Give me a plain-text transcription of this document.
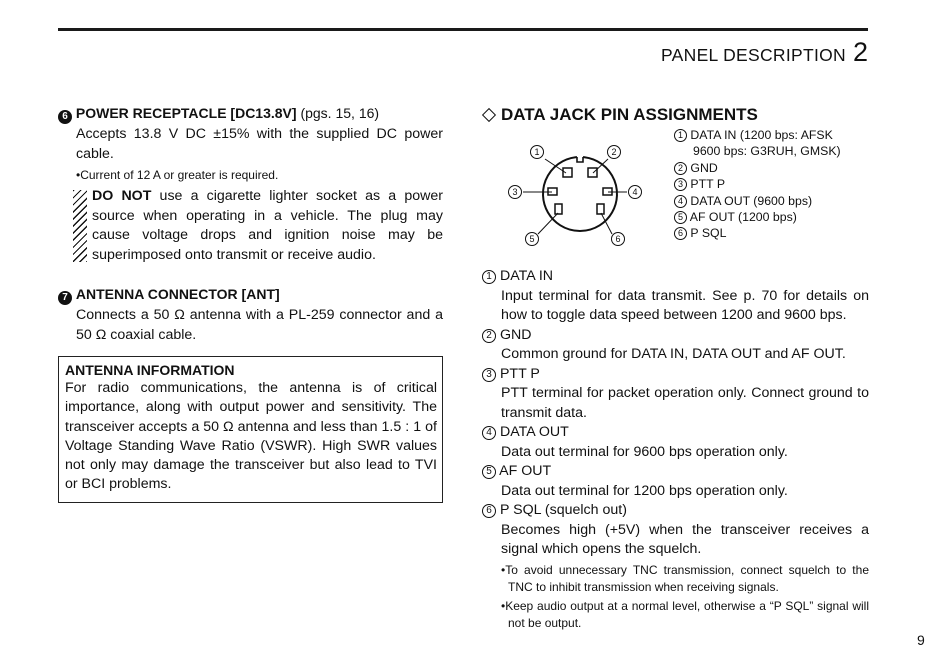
PANEL DESCRIPTION 2
6 POWER RECEPTACLE [DC13.8V] (pgs. 15, 16)
Accepts 13.8 V DC ±15% with the supplied DC power cable.
• Current of 12 A or greater is required.
DO NOT use a cigarette lighter socket as a power source when operating in a vehicle. The plug may cause voltage drops and ignition noise may be superimposed onto transmit or receive audio.
7 ANTENNA CONNECTOR [ANT]
Connects a 50 Ω antenna with a PL-259 connector and a 50 Ω coaxial cable.
ANTENNA INFORMATION
For radio communications, the antenna is of critical importance, along with output power and sensitivity. The transceiver accepts a 50 Ω antenna and less than 1.5 : 1 of Voltage Standing Wave Ratio (VSWR). High SWR values not only may damage the transceiver but also lead to TVI or BCI problems.
DATA JACK PIN ASSIGNMENTS
1	2
3	4
5	6
1 DATA IN (1200 bps: AFSK
9600 bps: G3RUH, GMSK)
2 GND
3 PTT P
4 DATA OUT (9600 bps)
5 AF OUT (1200 bps)
6 P SQL
1 DATA IN
Input terminal for data transmit. See p. 70 for details on how to toggle data speed between 1200 and 9600 bps.
2 GND
Common ground for DATA IN, DATA OUT and AF OUT.
3 PTT P
PTT terminal for packet operation only. Connect ground to transmit data.
4 DATA OUT
Data out terminal for 9600 bps operation only.
5 AF OUT
Data out terminal for 1200 bps operation only.
6 P SQL (squelch out)
Becomes high (+5V) when the transceiver receives a signal which opens the squelch.
• To avoid unnecessary TNC transmission, connect squelch to the TNC to inhibit transmission when receiving signals.
• Keep audio output at a normal level, otherwise a “P SQL” signal will not be output.
9
